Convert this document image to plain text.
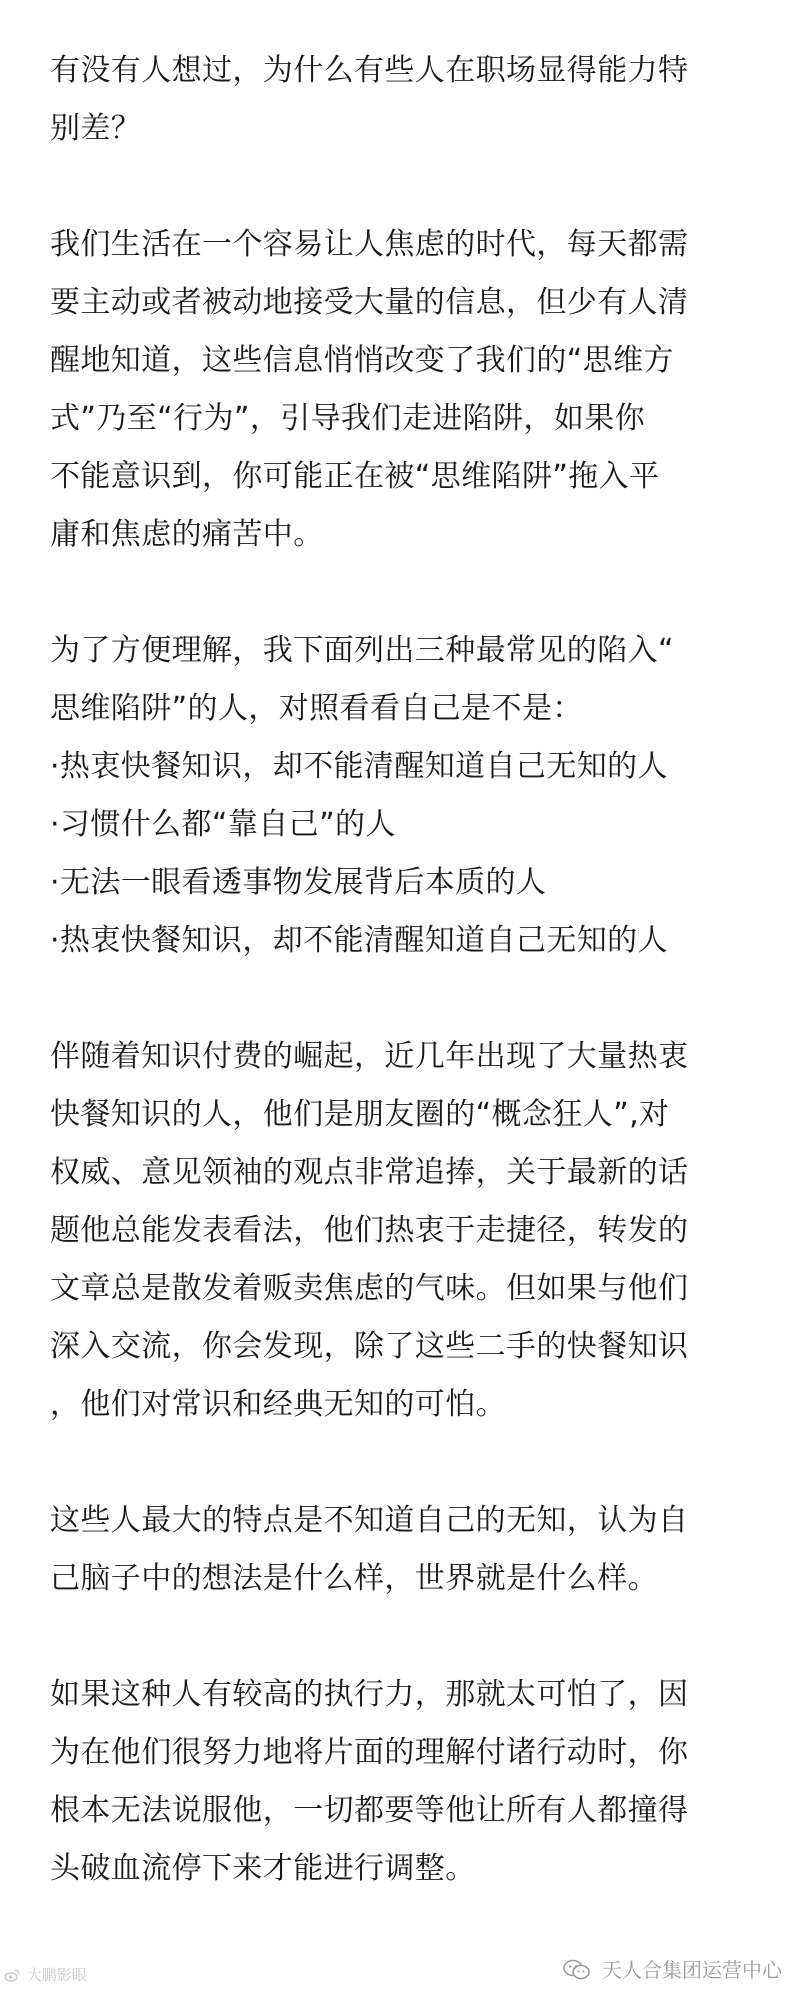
有没有人想过，为什么有些人在职场显得能力特
别差？

我们生活在一个容易让人焦虑的时代，每天都需
要主动或者被动地接受大量的信息，但少有人清
醒地知道，这些信息悄悄改变了我们的“思维方
式”乃至“行为”，引导我们走进陷阱，如果你
不能意识到，你可能正在被“思维陷阱”拖入平
庸和焦虑的痛苦中。

为了方便理解，我下面列出三种最常见的陷入“
思维陷阱”的人，对照看看自己是不是：
·热衷快餐知识，却不能清醒知道自己无知的人
·习惯什么都“靠自己”的人
·无法一眼看透事物发展背后本质的人
·热衷快餐知识，却不能清醒知道自己无知的人

伴随着知识付费的崛起，近几年出现了大量热衷
快餐知识的人，他们是朋友圈的“概念狂人”,对
权威、意见领袖的观点非常追捧，关于最新的话
题他总能发表看法，他们热衷于走捷径，转发的
文章总是散发着贩卖焦虑的气味。但如果与他们
深入交流，你会发现，除了这些二手的快餐知识
，他们对常识和经典无知的可怕。

这些人最大的特点是不知道自己的无知，认为自
己脑子中的想法是什么样，世界就是什么样。

如果这种人有较高的执行力，那就太可怕了，因
为在他们很努力地将片面的理解付诸行动时，你
根本无法说服他，一切都要等他让所有人都撞得
头破血流停下来才能进行调整。

大鹏影眼	天人合集团运营中心
